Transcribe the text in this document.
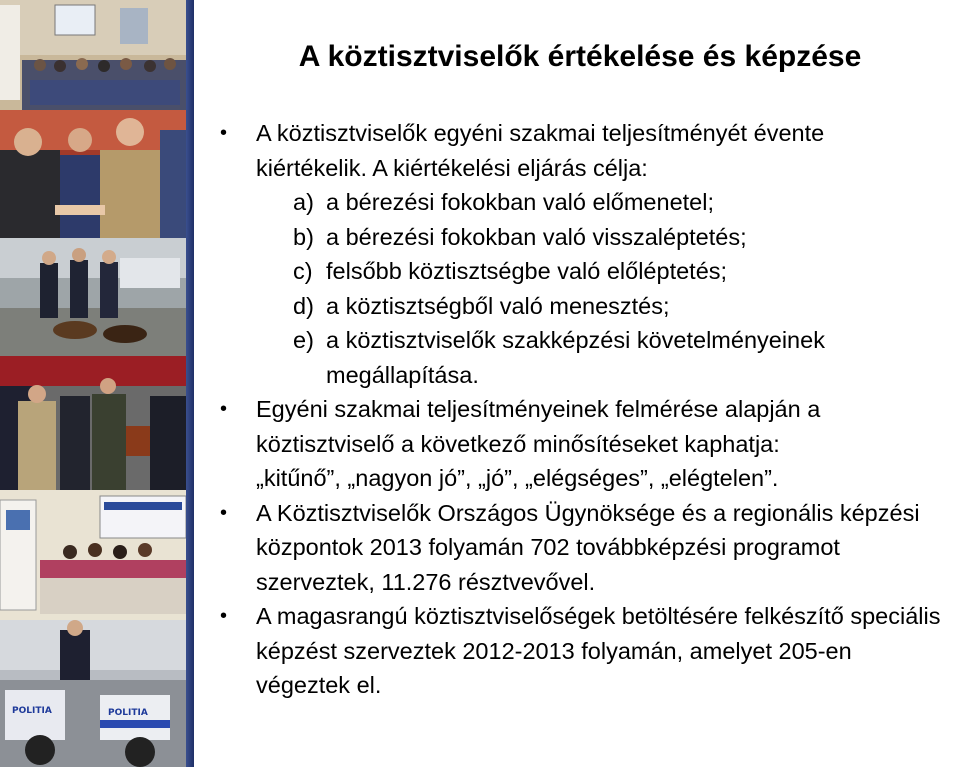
POLITIA	POLITIA
A köztisztviselők értékelése és képzése

• A köztisztviselők egyéni szakmai teljesítményét évente

kiértékelik. A kiértékelési eljárás célja:

a) a bérezési fokokban való előmenetel;

b) a bérezési fokokban való visszaléptetés;

c) felsőbb köztisztségbe való előléptetés;

d) a köztisztségből való menesztés;

e) a köztisztviselők szakképzési követelményeinek

megállapítása.

• Egyéni szakmai teljesítményeinek felmérése alapján a

köztisztviselő a következő minősítéseket kaphatja:

„kitűnő”, „nagyon jó”, „jó”, „elégséges”, „elégtelen”.

• A Köztisztviselők Országos Ügynöksége és a regionális képzési

központok 2013 folyamán 702 továbbképzési programot

szerveztek, 11.276 résztvevővel.

• A magasrangú köztisztviselőségek betöltésére felkészítő speciális

képzést szerveztek 2012-2013 folyamán, amelyet 205-en

végeztek el.
